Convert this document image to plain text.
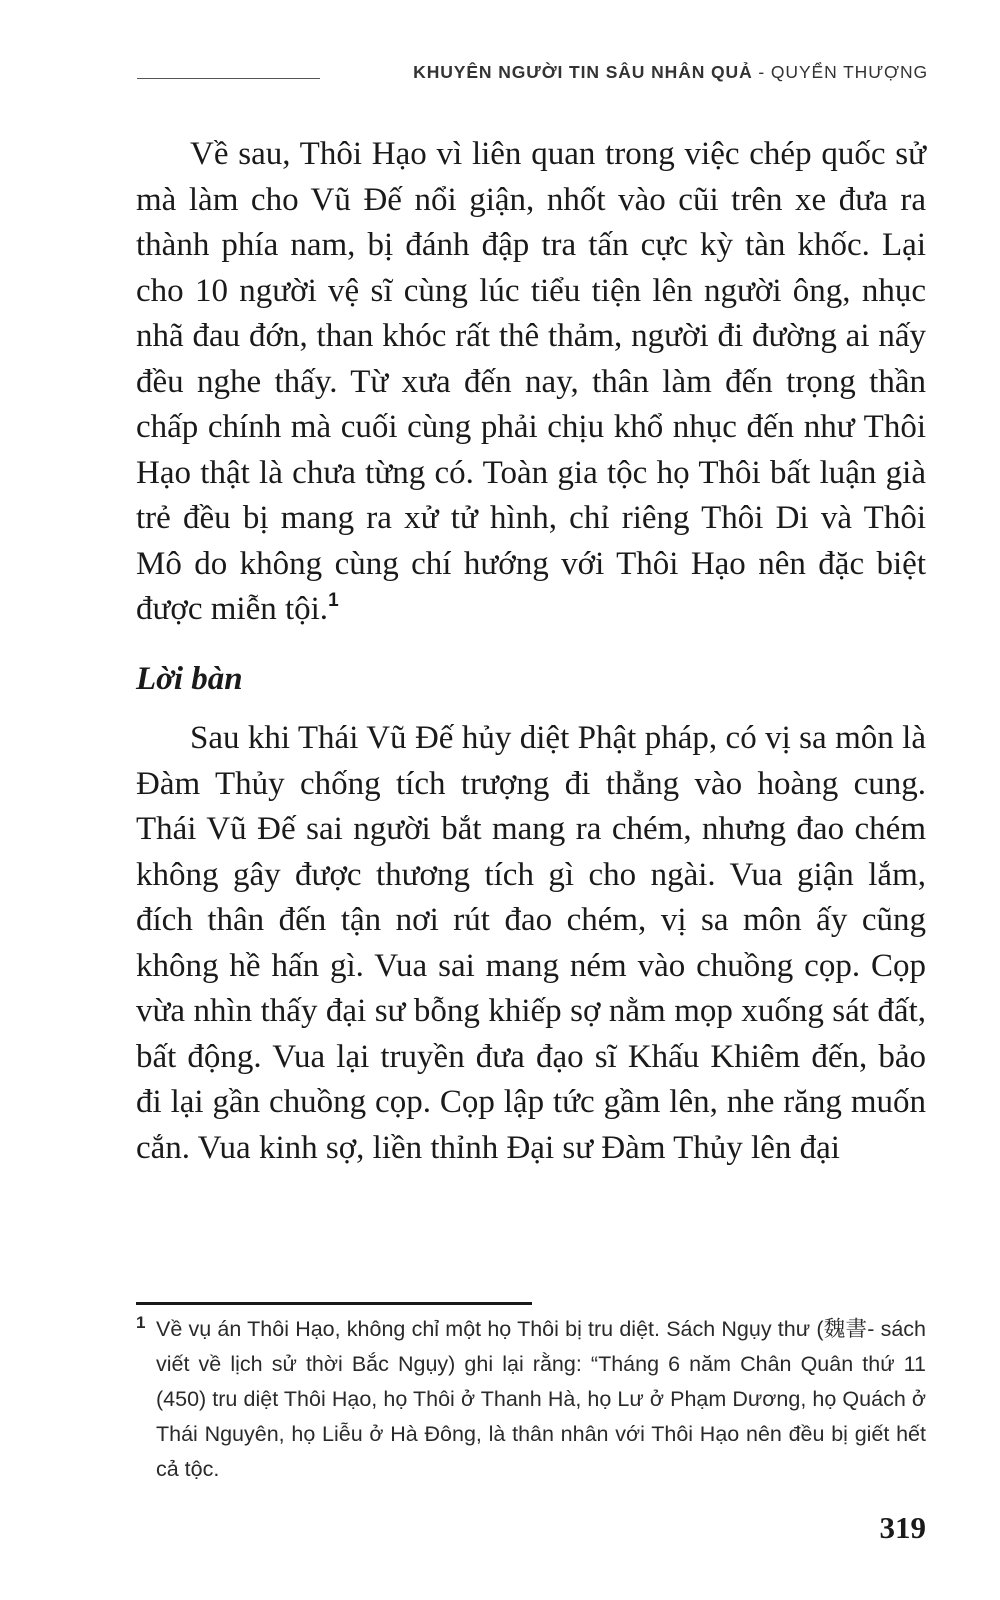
KHUYÊN NGƯỜI TIN SÂU NHÂN QUẢ - QUYỂN THƯỢNG

Về sau, Thôi Hạo vì liên quan trong việc chép quốc sử mà làm cho Vũ Đế nổi giận, nhốt vào cũi trên xe đưa ra thành phía nam, bị đánh đập tra tấn cực kỳ tàn khốc. Lại cho 10 người vệ sĩ cùng lúc tiểu tiện lên người ông, nhục nhã đau đớn, than khóc rất thê thảm, người đi đường ai nấy đều nghe thấy. Từ xưa đến nay, thân làm đến trọng thần chấp chính mà cuối cùng phải chịu khổ nhục đến như Thôi Hạo thật là chưa từng có. Toàn gia tộc họ Thôi bất luận già trẻ đều bị mang ra xử tử hình, chỉ riêng Thôi Di và Thôi Mô do không cùng chí hướng với Thôi Hạo nên đặc biệt được miễn tội.$^1$

Lời bàn

Sau khi Thái Vũ Đế hủy diệt Phật pháp, có vị sa môn là Đàm Thủy chống tích trượng đi thẳng vào hoàng cung. Thái Vũ Đế sai người bắt mang ra chém, nhưng đao chém không gây được thương tích gì cho ngài. Vua giận lắm, đích thân đến tận nơi rút đao chém, vị sa môn ấy cũng không hề hấn gì. Vua sai mang ném vào chuồng cọp. Cọp vừa nhìn thấy đại sư bỗng khiếp sợ nằm mọp xuống sát đất, bất động. Vua lại truyền đưa đạo sĩ Khấu Khiêm đến, bảo đi lại gần chuồng cọp. Cọp lập tức gầm lên, nhe răng muốn cắn. Vua kinh sợ, liền thỉnh Đại sư Đàm Thủy lên đại

1 Về vụ án Thôi Hạo, không chỉ một họ Thôi bị tru diệt. Sách Ngụy thư (魏書- sách viết về lịch sử thời Bắc Ngụy) ghi lại rằng: “Tháng 6 năm Chân Quân thứ 11 (450) tru diệt Thôi Hạo, họ Thôi ở Thanh Hà, họ Lư ở Phạm Dương, họ Quách ở Thái Nguyên, họ Liễu ở Hà Đông, là thân nhân với Thôi Hạo nên đều bị giết hết cả tộc.

319
